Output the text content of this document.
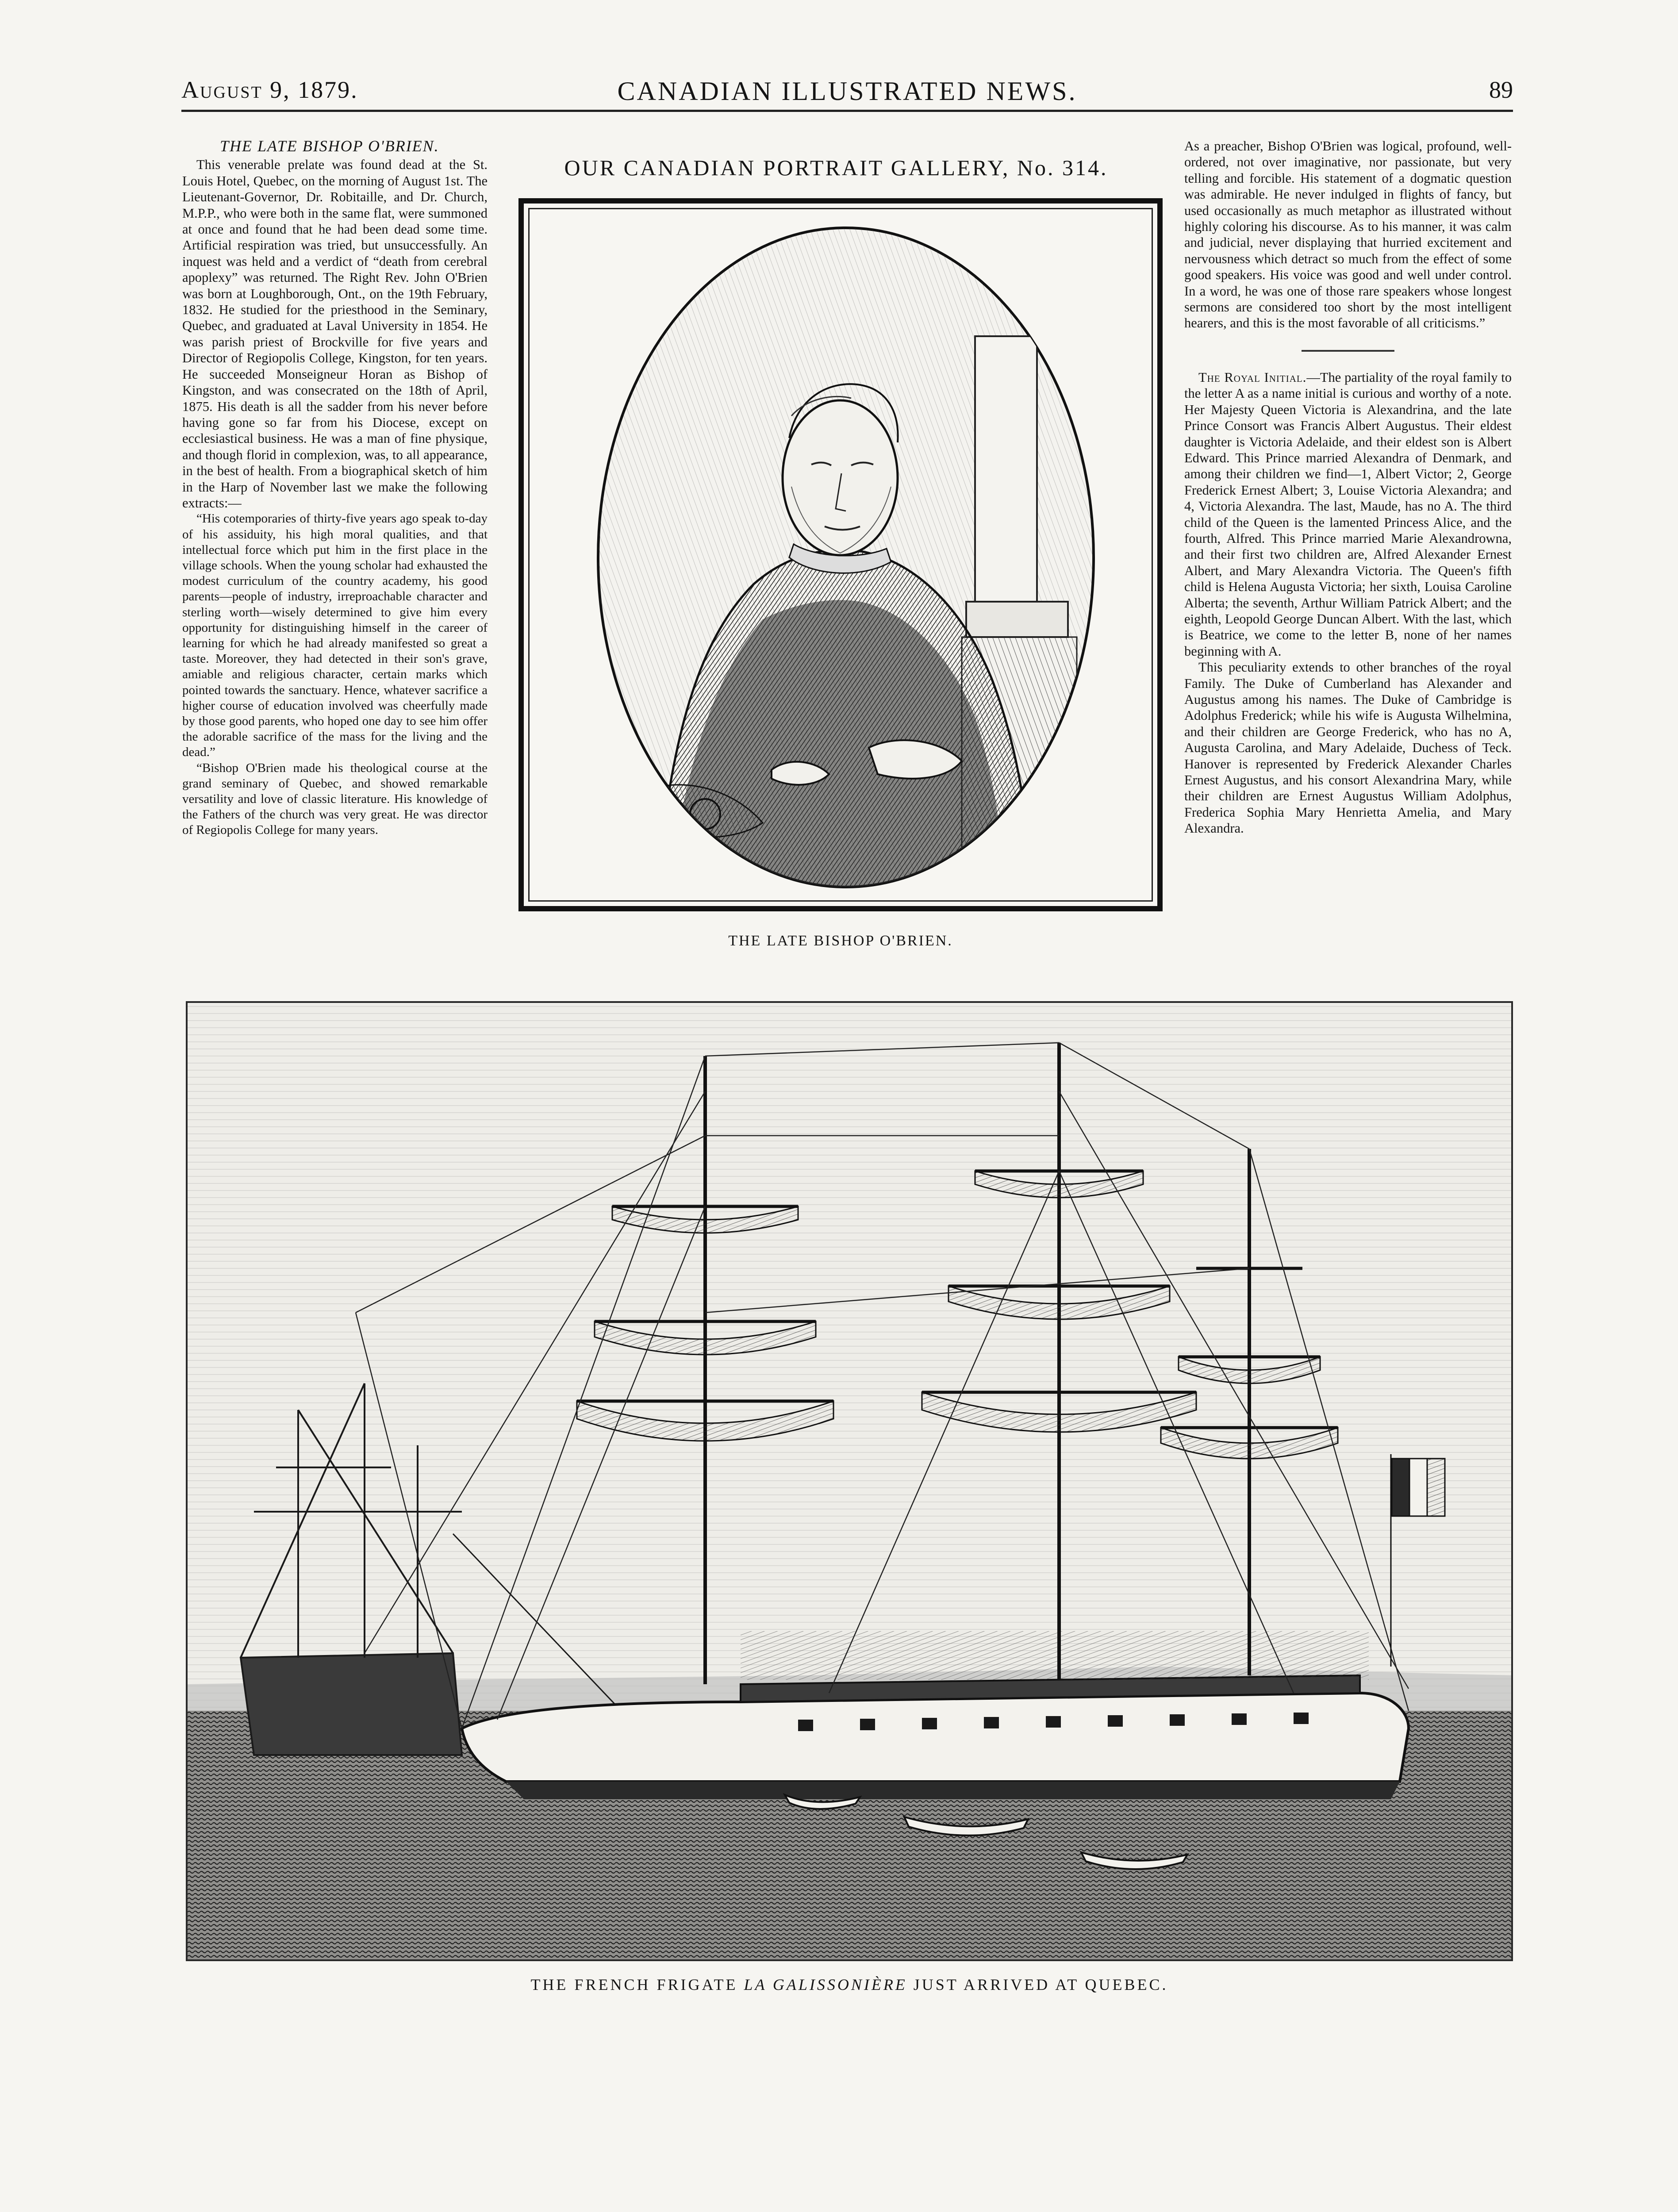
August 9, 1879.	CANADIAN ILLUSTRATED NEWS.	89
THE LATE BISHOP O'BRIEN.

This venerable prelate was found dead at the St. Louis Hotel, Quebec, on the morning of August 1st. The Lieutenant-Governor, Dr. Robitaille, and Dr. Church, M.P.P., who were both in the same flat, were summoned at once and found that he had been dead some time. Artificial respiration was tried, but unsuccessfully. An inquest was held and a verdict of “death from cerebral apoplexy” was returned. The Right Rev. John O'Brien was born at Loughborough, Ont., on the 19th February, 1832. He studied for the priesthood in the Seminary, Quebec, and graduated at Laval University in 1854. He was parish priest of Brockville for five years and Director of Regiopolis College, Kingston, for ten years. He succeeded Monseigneur Horan as Bishop of Kingston, and was consecrated on the 18th of April, 1875. His death is all the sadder from his never before having gone so far from his Diocese, except on ecclesiastical business. He was a man of fine physique, and though florid in complexion, was, to all appearance, in the best of health. From a biographical sketch of him in the Harp of November last we make the following extracts:—

“His cotemporaries of thirty-five years ago speak to-day of his assiduity, his high moral qualities, and that intellectual force which put him in the first place in the village schools. When the young scholar had exhausted the modest curriculum of the country academy, his good parents—people of industry, irreproachable character and sterling worth—wisely determined to give him every opportunity for distinguishing himself in the career of learning for which he had already manifested so great a taste. Moreover, they had detected in their son's grave, amiable and religious character, certain marks which pointed towards the sanctuary. Hence, whatever sacrifice a higher course of education involved was cheerfully made by those good parents, who hoped one day to see him offer the adorable sacrifice of the mass for the living and the dead.”

“Bishop O'Brien made his theological course at the grand seminary of Quebec, and showed remarkable versatility and love of classic literature. His knowledge of the Fathers of the church was very great. He was director of Regiopolis College for many years.

OUR CANADIAN PORTRAIT GALLERY, No. 314.
THE LATE BISHOP O'BRIEN.

As a preacher, Bishop O'Brien was logical, profound, well-ordered, not over imaginative, nor passionate, but very telling and forcible. His statement of a dogmatic question was admirable. He never indulged in flights of fancy, but used occasionally as much metaphor as illustrated without highly coloring his discourse. As to his manner, it was calm and judicial, never displaying that hurried excitement and nervousness which detract so much from the effect of some good speakers. His voice was good and well under control. In a word, he was one of those rare speakers whose longest sermons are considered too short by the most intelligent hearers, and this is the most favorable of all criticisms.”

The Royal Initial.—The partiality of the royal family to the letter A as a name initial is curious and worthy of a note. Her Majesty Queen Victoria is Alexandrina, and the late Prince Consort was Francis Albert Augustus. Their eldest daughter is Victoria Adelaide, and their eldest son is Albert Edward. This Prince married Alexandra of Denmark, and among their children we find—1, Albert Victor; 2, George Frederick Ernest Albert; 3, Louise Victoria Alexandra; and 4, Victoria Alexandra. The last, Maude, has no A. The third child of the Queen is the lamented Princess Alice, and the fourth, Alfred. This Prince married Marie Alexandrowna, and their first two children are, Alfred Alexander Ernest Albert, and Mary Alexandra Victoria. The Queen's fifth child is Helena Augusta Victoria; her sixth, Louisa Caroline Alberta; the seventh, Arthur William Patrick Albert; and the eighth, Leopold George Duncan Albert. With the last, which is Beatrice, we come to the letter B, none of her names beginning with A.

This peculiarity extends to other branches of the royal Family. The Duke of Cumberland has Alexander and Augustus among his names. The Duke of Cambridge is Adolphus Frederick; while his wife is Augusta Wilhelmina, and their children are George Frederick, who has no A, Augusta Carolina, and Mary Adelaide, Duchess of Teck. Hanover is represented by Frederick Alexander Charles Ernest Augustus, and his consort Alexandrina Mary, while their children are Ernest Augustus William Adolphus, Frederica Sophia Mary Henrietta Amelia, and Mary Alexandra.

THE FRENCH FRIGATE LA GALISSONIÈRE JUST ARRIVED AT QUEBEC.
